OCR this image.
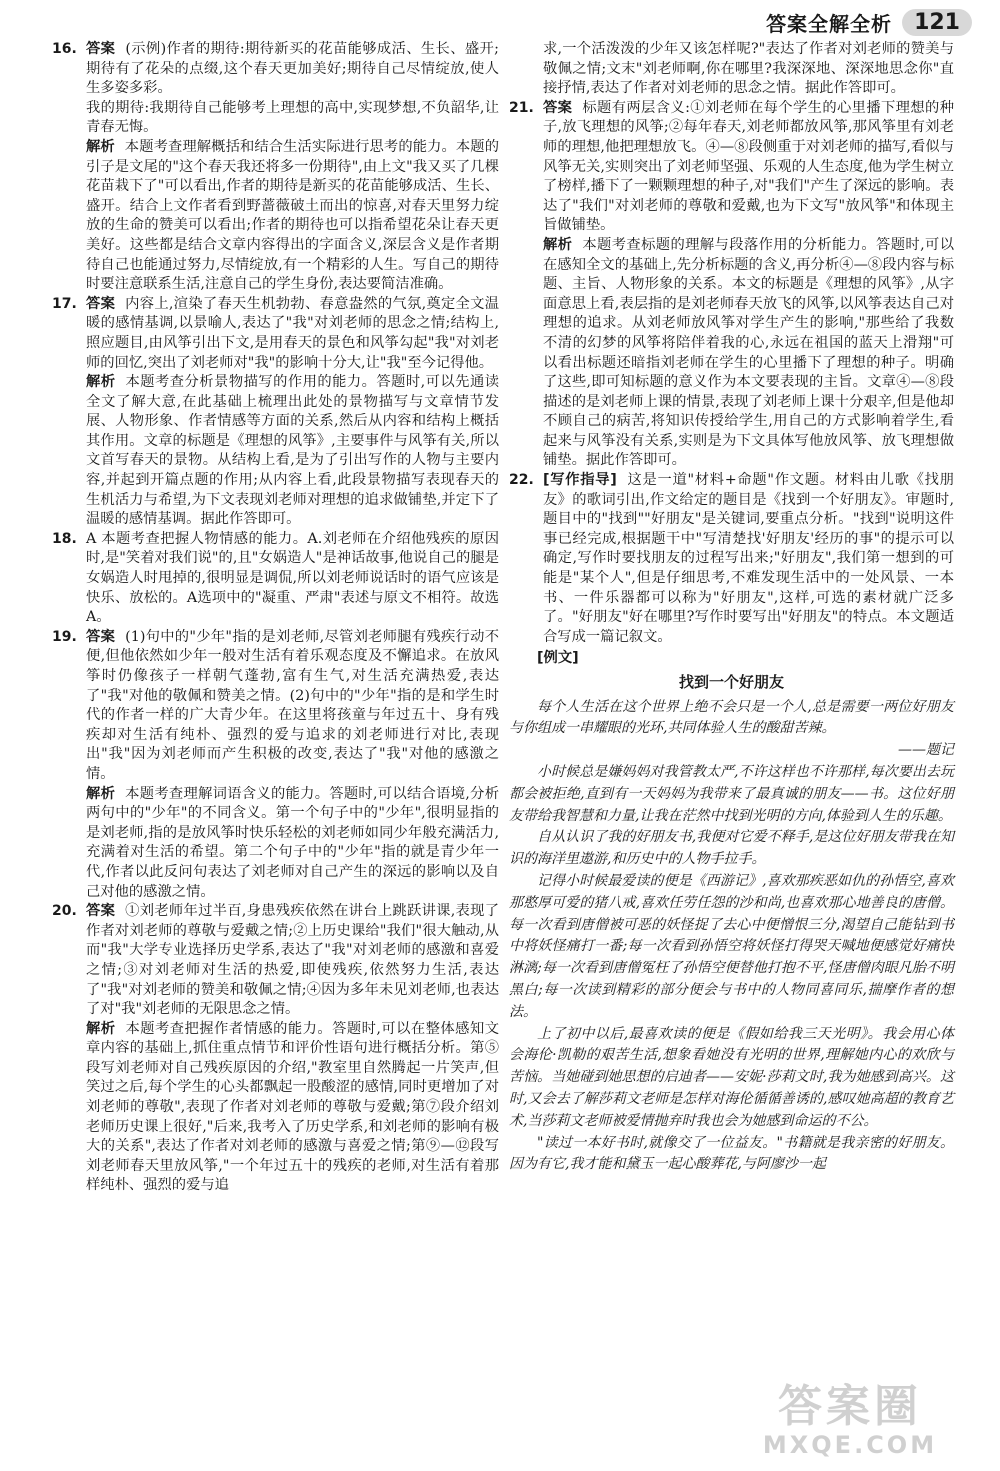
答案全解全析	121
16. 答案 (示例)作者的期待:期待新买的花苗能够成活、生长、盛开;期待有了花朵的点缀,这个春天更加美好;期待自己尽情绽放,使人生多姿多彩。

我的期待:我期待自己能够考上理想的高中,实现梦想,不负韶华,让青春无悔。

解析 本题考查理解概括和结合生活实际进行思考的能力。本题的引子是文尾的"这个春天我还将多一份期待",由上文"我又买了几棵花苗栽下了"可以看出,作者的期待是新买的花苗能够成活、生长、盛开。结合上文作者看到野蔷薇破土而出的惊喜,对春天里努力绽放的生命的赞美可以看出;作者的期待也可以指希望花朵让春天更美好。这些都是结合文章内容得出的字面含义,深层含义是作者期待自己也能通过努力,尽情绽放,有一个精彩的人生。写自己的期待时要注意联系生活,注意自己的学生身份,表达要简洁准确。

17. 答案 内容上,渲染了春天生机勃勃、春意盎然的气氛,奠定全文温暖的感情基调,以景喻人,表达了"我"对刘老师的思念之情;结构上,照应题目,由风筝引出下文,是用春天的景色和风筝勾起"我"对刘老师的回忆,突出了刘老师对"我"的影响十分大,让"我"至今记得他。

解析 本题考查分析景物描写的作用的能力。答题时,可以先通读全文了解大意,在此基础上梳理出此处的景物描写与文章情节发展、人物形象、作者情感等方面的关系,然后从内容和结构上概括其作用。文章的标题是《理想的风筝》,主要事件与风筝有关,所以文首写春天的景物。从结构上看,是为了引出写作的人物与主要内容,并起到开篇点题的作用;从内容上看,此段景物描写表现春天的生机活力与希望,为下文表现刘老师对理想的追求做铺垫,并定下了温暖的感情基调。据此作答即可。

18. A 本题考查把握人物情感的能力。A.刘老师在介绍他残疾的原因时,是"笑着对我们说"的,且"女娲造人"是神话故事,他说自己的腿是女娲造人时甩掉的,很明显是调侃,所以刘老师说话时的语气应该是快乐、放松的。A选项中的"凝重、严肃"表述与原文不相符。故选A。

19. 答案 (1)句中的"少年"指的是刘老师,尽管刘老师腿有残疾行动不便,但他依然如少年一般对生活有着乐观态度及不懈追求。在放风筝时仍像孩子一样朝气蓬勃,富有生气,对生活充满热爱,表达了"我"对他的敬佩和赞美之情。(2)句中的"少年"指的是和学生时代的作者一样的广大青少年。在这里将孩童与年过五十、身有残疾却对生活有纯朴、强烈的爱与追求的刘老师进行对比,表现出"我"因为刘老师而产生积极的改变,表达了"我"对他的感激之情。

解析 本题考查理解词语含义的能力。答题时,可以结合语境,分析两句中的"少年"的不同含义。第一个句子中的"少年",很明显指的是刘老师,指的是放风筝时快乐轻松的刘老师如同少年般充满活力,充满着对生活的希望。第二个句子中的"少年"指的就是青少年一代,作者以此反问句表达了刘老师对自己产生的深远的影响以及自己对他的感激之情。

20. 答案 ①刘老师年过半百,身患残疾依然在讲台上跳跃讲课,表现了作者对刘老师的尊敬与爱戴之情;②上历史课给"我们"很大触动,从而"我"大学专业选择历史学系,表达了"我"对刘老师的感激和喜爱之情;③对刘老师对生活的热爱,即使残疾,依然努力生活,表达了"我"对刘老师的赞美和敬佩之情;④因为多年未见刘老师,也表达了对"我"刘老师的无限思念之情。

解析 本题考查把握作者情感的能力。答题时,可以在整体感知文章内容的基础上,抓住重点情节和评价性语句进行概括分析。第⑤段写刘老师对自己残疾原因的介绍,"教室里自然腾起一片笑声,但笑过之后,每个学生的心头都飘起一股酸涩的感情,同时更增加了对刘老师的尊敬",表现了作者对刘老师的尊敬与爱戴;第⑦段介绍刘老师历史课上很好,"后来,我考入了历史学系,和刘老师的影响有极大的关系",表达了作者对刘老师的感激与喜爱之情;第⑨—⑫段写刘老师春天里放风筝,"一个年过五十的残疾的老师,对生活有着那样纯朴、强烈的爱与追

求,一个活泼泼的少年又该怎样呢?"表达了作者对刘老师的赞美与敬佩之情;文末"刘老师啊,你在哪里?我深深地、深深地思念你"直接抒情,表达了作者对刘老师的思念之情。据此作答即可。

21. 答案 标题有两层含义:①刘老师在每个学生的心里播下理想的种子,放飞理想的风筝;②每年春天,刘老师都放风筝,那风筝里有刘老师的理想,他把理想放飞。④—⑧段侧重于对刘老师的描写,看似与风筝无关,实则突出了刘老师坚强、乐观的人生态度,他为学生树立了榜样,播下了一颗颗理想的种子,对"我们"产生了深远的影响。表达了"我们"对刘老师的尊敬和爱戴,也为下文写"放风筝"和体现主旨做铺垫。

解析 本题考查标题的理解与段落作用的分析能力。答题时,可以在感知全文的基础上,先分析标题的含义,再分析④—⑧段内容与标题、主旨、人物形象的关系。本文的标题是《理想的风筝》,从字面意思上看,表层指的是刘老师春天放飞的风筝,以风筝表达自己对理想的追求。从刘老师放风筝对学生产生的影响,"那些给了我数不清的幻梦的风筝将陪伴着我的心,永远在祖国的蓝天上滑翔"可以看出标题还暗指刘老师在学生的心里播下了理想的种子。明确了这些,即可知标题的意义作为本文要表现的主旨。文章④—⑧段描述的是刘老师上课的情景,表现了刘老师上课十分艰辛,但是他却不顾自己的病苦,将知识传授给学生,用自己的方式影响着学生,看起来与风筝没有关系,实则是为下文具体写他放风筝、放飞理想做铺垫。据此作答即可。

22. [写作指导] 这是一道"材料+命题"作文题。材料由儿歌《找朋友》的歌词引出,作文给定的题目是《找到一个好朋友》。审题时,题目中的"找到""好朋友"是关键词,要重点分析。"找到"说明这件事已经完成,根据题干中"写清楚找'好朋友'经历的事"的提示可以确定,写作时要找朋友的过程写出来;"好朋友",我们第一想到的可能是"某个人",但是仔细思考,不难发现生活中的一处风景、一本书、一件乐器都可以称为"好朋友",这样,可选的素材就广泛多了。"好朋友"好在哪里?写作时要写出"好朋友"的特点。本文题适合写成一篇记叙文。

[例文]
找到一个好朋友

每个人生活在这个世界上绝不会只是一个人,总是需要一两位好朋友与你组成一串耀眼的光环,共同体验人生的酸甜苦辣。

——题记

小时候总是嫌妈妈对我管教太严,不许这样也不许那样,每次要出去玩都会被拒绝,直到有一天妈妈为我带来了最真诚的朋友——书。这位好朋友带给我智慧和力量,让我在茫然中找到光明的方向,体验到人生的乐趣。

自从认识了我的好朋友书,我便对它爱不释手,是这位好朋友带我在知识的海洋里遨游,和历史中的人物手拉手。

记得小时候最爱读的便是《西游记》,喜欢那疾恶如仇的孙悟空,喜欢那憨厚可爱的猪八戒,喜欢任劳任怨的沙和尚,也喜欢那心地善良的唐僧。每一次看到唐僧被可恶的妖怪捉了去心中便憎恨三分,渴望自己能钻到书中将妖怪痛打一番;每一次看到孙悟空将妖怪打得哭天喊地便感觉好痛快淋漓;每一次看到唐僧冤枉了孙悟空便替他打抱不平,怪唐僧肉眼凡胎不明黑白;每一次读到精彩的部分便会与书中的人物同喜同乐,揣摩作者的想法。

上了初中以后,最喜欢读的便是《假如给我三天光明》。我会用心体会海伦·凯勒的艰苦生活,想象看她没有光明的世界,理解她内心的欢欣与苦恼。当她碰到她思想的启迪者——安妮·莎莉文时,我为她感到高兴。这时,又会去了解莎莉文老师是怎样对海伦循循善诱的,感叹她高超的教育艺术,当莎莉文老师被爱情抛弃时我也会为她感到命运的不公。

"读过一本好书时,就像交了一位益友。"书籍就是我亲密的好朋友。因为有它,我才能和黛玉一起心酸葬花,与阿廖沙一起

答案圈
MXQE.COM
